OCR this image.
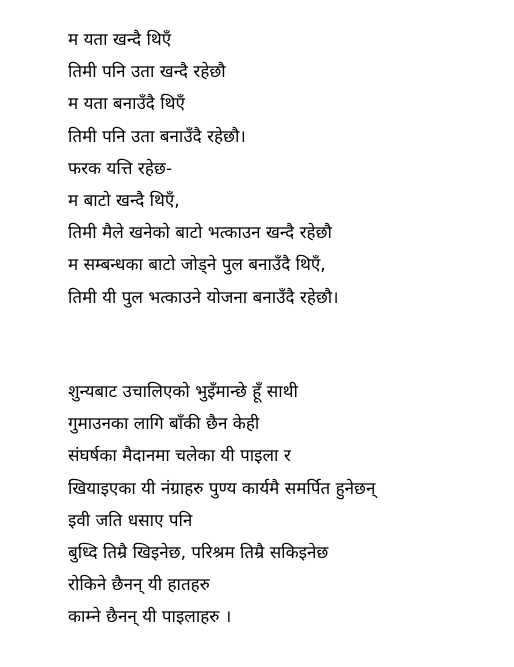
म यता खन्दै थिएँ
तिमी पनि उता खन्दै रहेछौ
म यता बनाउँदै थिएँ
तिमी पनि उता बनाउँदै रहेछौ।
फरक यत्ति रहेछ-
म बाटो खन्दै थिएँ,
तिमी मैले खनेको बाटो भत्काउन खन्दै रहेछौ
म सम्बन्धका बाटो जोड्ने पुल बनाउँदै थिएँ,
तिमी यी पुल भत्काउने योजना बनाउँदै रहेछौ।
शुन्यबाट उचालिएको भुइँमान्छे हूँ साथी
गुमाउनका लागि बाँकी छैन केही
संघर्षका मैदानमा चलेका यी पाइला र
खियाइएका यी नंग्राहरु पुण्य कार्यमै समर्पित हुनेछन्
इवी जति धसाए पनि
बुध्दि तिम्रै खिइनेछ, परिश्रम तिम्रै सकिइनेछ
रोकिने छैनन् यी हातहरु
काम्ने छैनन् यी पाइलाहरु ।
